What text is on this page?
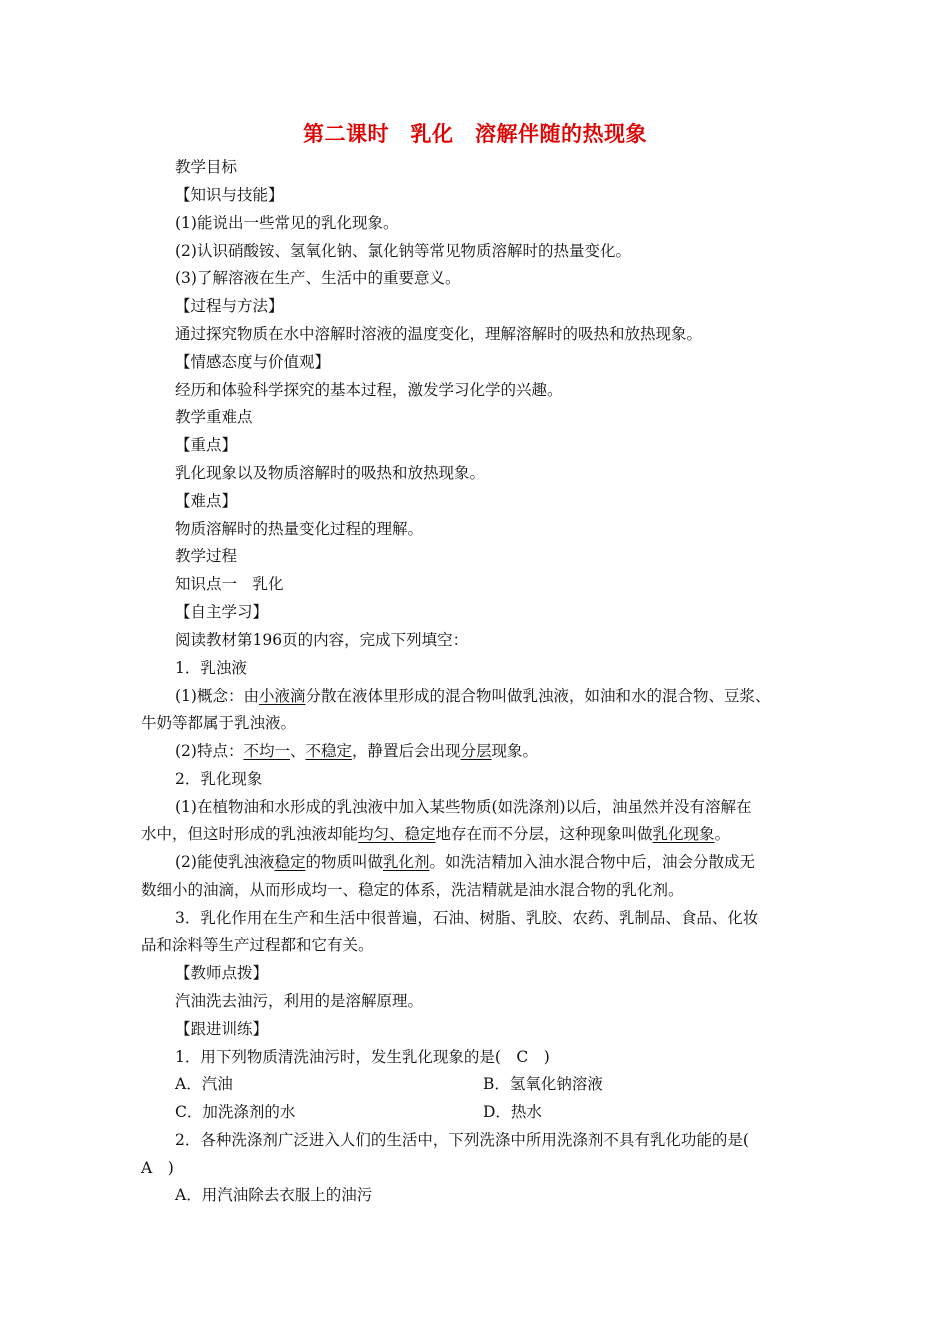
第二课时　乳化　溶解伴随的热现象
教学目标
【知识与技能】
(1)能说出一些常见的乳化现象。
(2)认识硝酸铵、氢氧化钠、氯化钠等常见物质溶解时的热量变化。
(3)了解溶液在生产、生活中的重要意义。
【过程与方法】
通过探究物质在水中溶解时溶液的温度变化，理解溶解时的吸热和放热现象。
【情感态度与价值观】
经历和体验科学探究的基本过程，激发学习化学的兴趣。
教学重难点
【重点】
乳化现象以及物质溶解时的吸热和放热现象。
【难点】
物质溶解时的热量变化过程的理解。
教学过程
知识点一　乳化
【自主学习】
阅读教材第196页的内容，完成下列填空：
1．乳浊液
(1)概念：由小液滴分散在液体里形成的混合物叫做乳浊液，如油和水的混合物、豆浆、
牛奶等都属于乳浊液。
(2)特点：不均一、不稳定，静置后会出现分层现象。
2．乳化现象
(1)在植物油和水形成的乳浊液中加入某些物质(如洗涤剂)以后，油虽然并没有溶解在
水中，但这时形成的乳浊液却能均匀、稳定地存在而不分层，这种现象叫做乳化现象。
(2)能使乳浊液稳定的物质叫做乳化剂。如洗洁精加入油水混合物中后，油会分散成无
数细小的油滴，从而形成均一、稳定的体系，洗洁精就是油水混合物的乳化剂。
3．乳化作用在生产和生活中很普遍，石油、树脂、乳胶、农药、乳制品、食品、化妆
品和涂料等生产过程都和它有关。
【教师点拨】
汽油洗去油污，利用的是溶解原理。
【跟进训练】
1．用下列物质清洗油污时，发生乳化现象的是(　C　)
A．汽油	B．氢氧化钠溶液
C．加洗涤剂的水	D．热水
2．各种洗涤剂广泛进入人们的生活中，下列洗涤中所用洗涤剂不具有乳化功能的是(
A　)
A．用汽油除去衣服上的油污
